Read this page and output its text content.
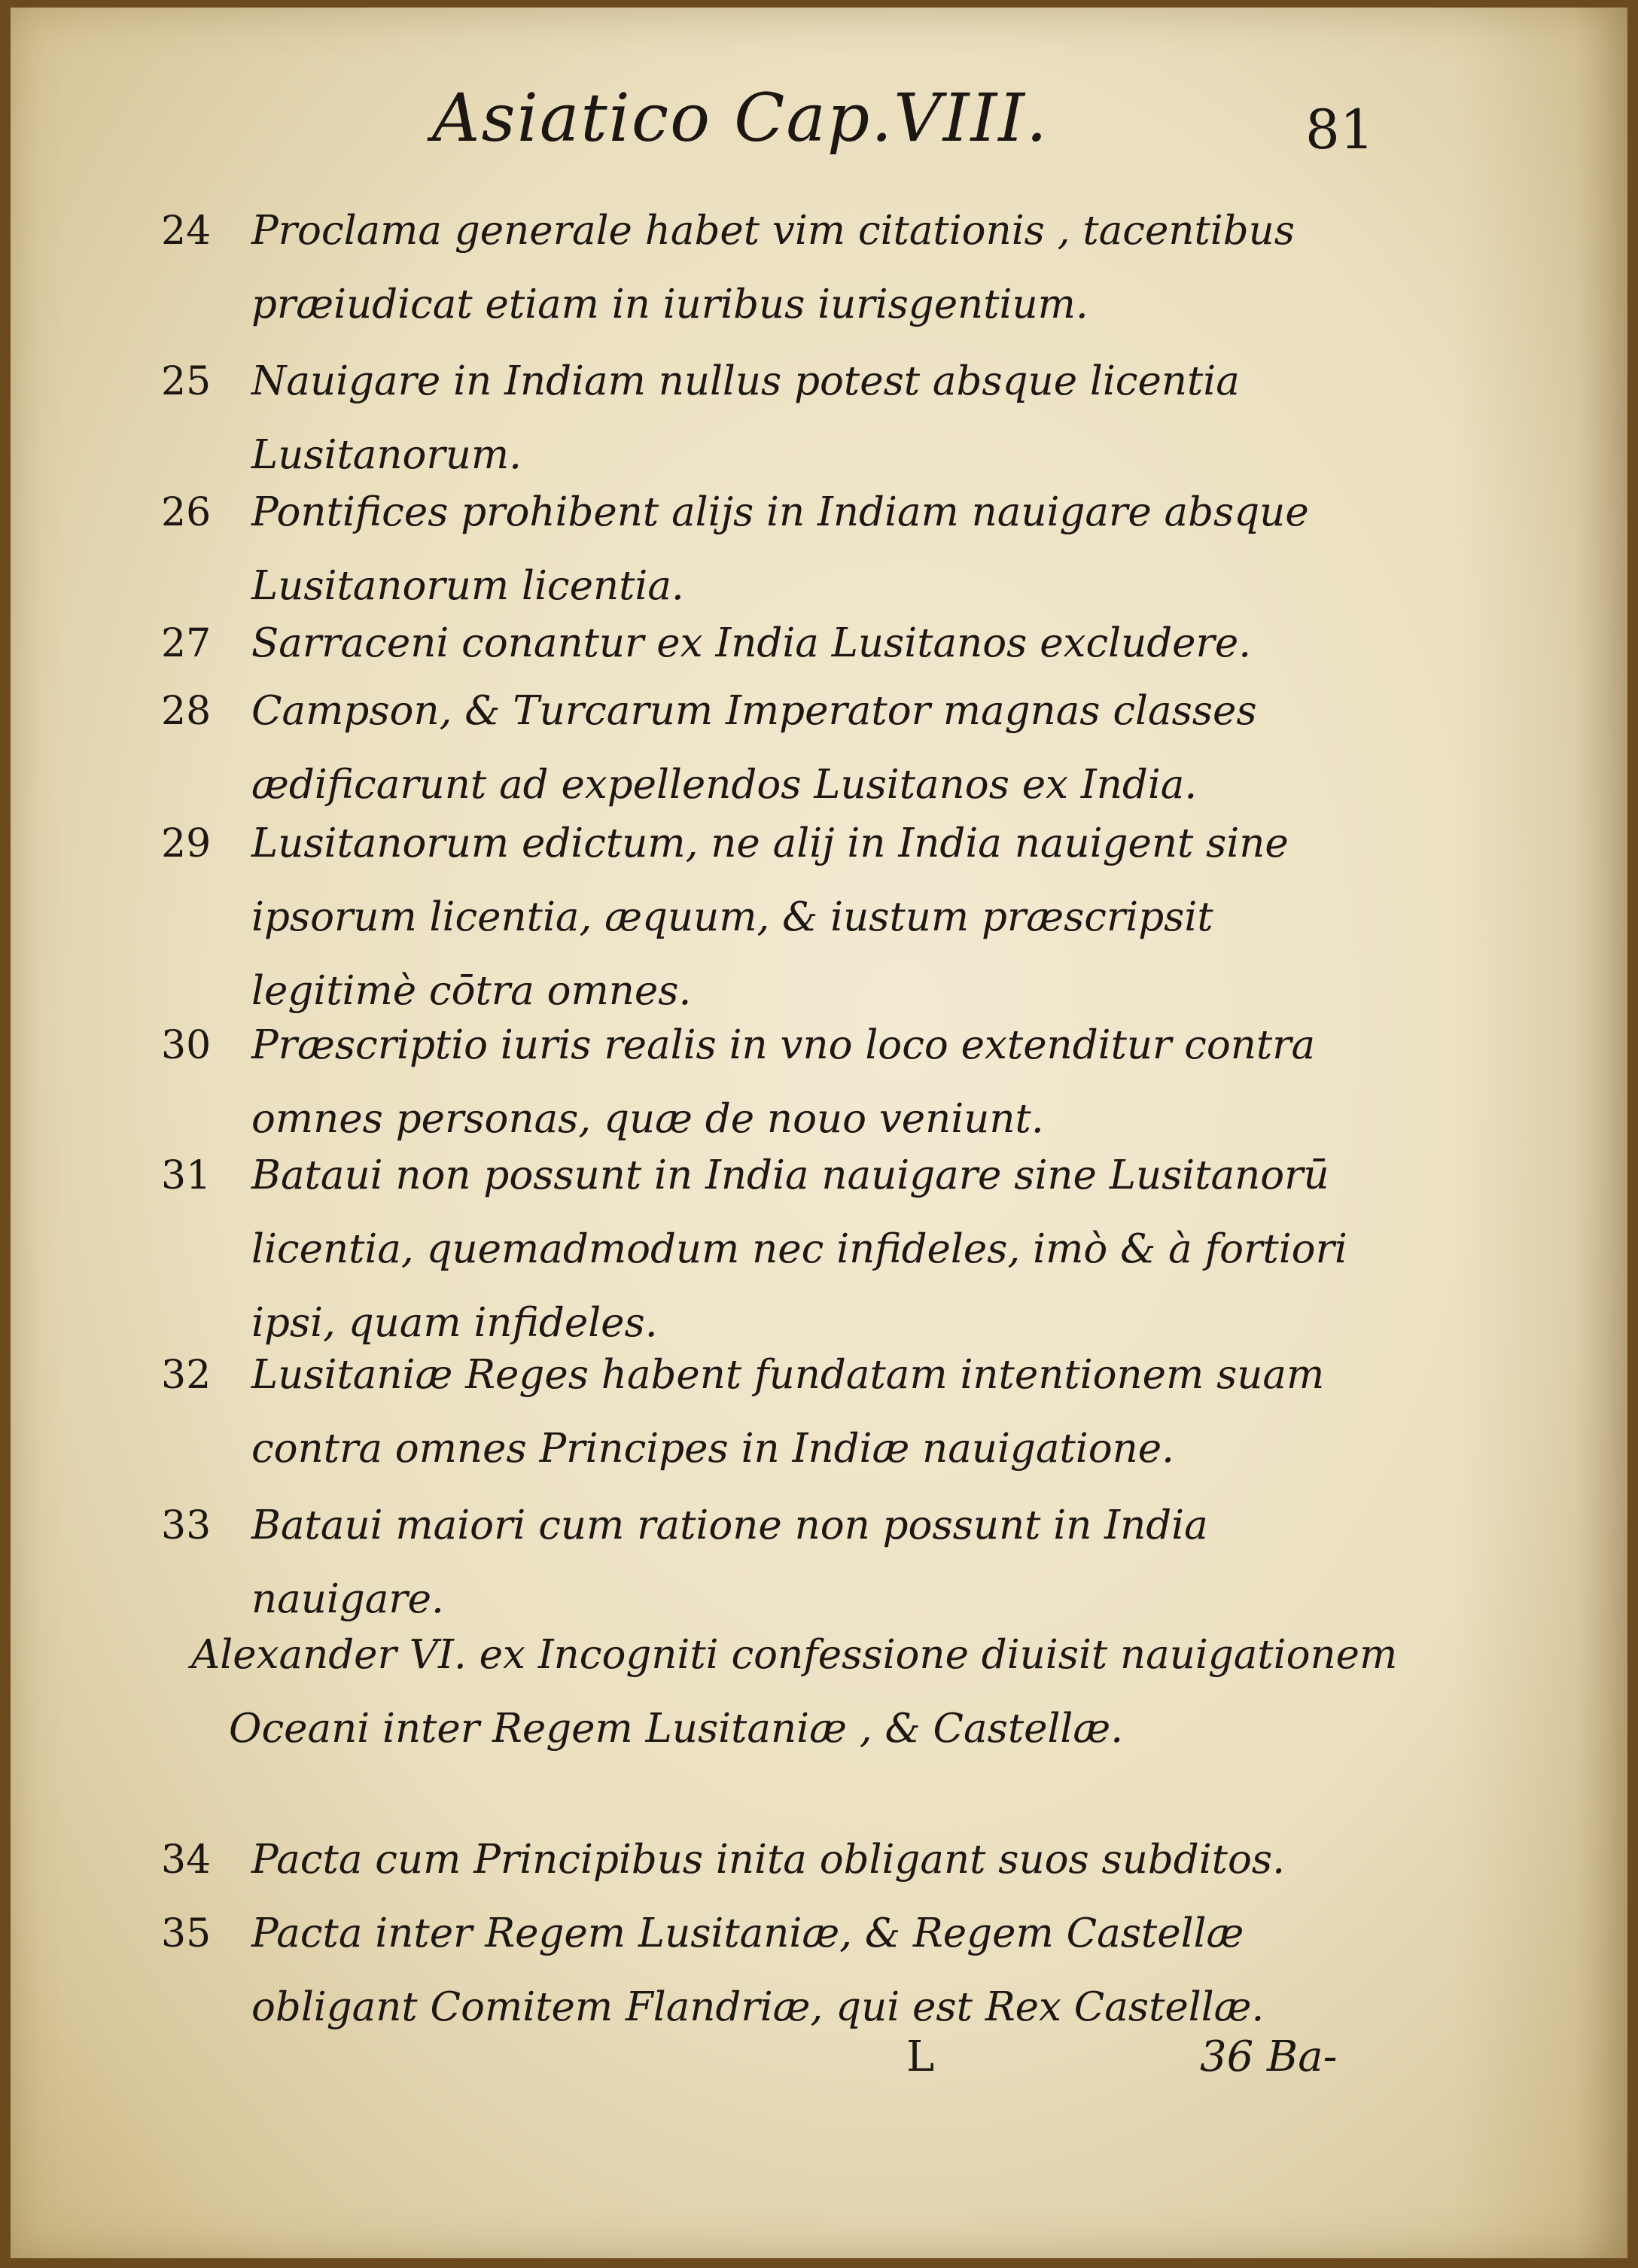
Asiatico Cap.VIII.	81
24 Proclama generale habet vim citationis , tacentibus præiudicat etiam in iuribus iurisgentium.
25 Nauigare in Indiam nullus potest absque licentia Lusitanorum.
26 Pontifices prohibent alijs in Indiam nauigare absque Lusitanorum licentia.
27 Sarraceni conantur ex India Lusitanos excludere.
28 Campson, & Turcarum Imperator magnas classes ædificarunt ad expellendos Lusitanos ex India.
29 Lusitanorum edictum, ne alij in India nauigent sine ipsorum licentia, æquum, & iustum præscripsit legitimè cōtra omnes.
30 Præscriptio iuris realis in vno loco extenditur contra omnes personas, quæ de nouo veniunt.
31 Bataui non possunt in India nauigare sine Lusitanorū licentia, quemadmodum nec infideles, imò & à fortiori ipsi, quam infideles.
32 Lusitaniæ Reges habent fundatam intentionem suam contra omnes Principes in Indiæ nauigatione.
33 Bataui maiori cum ratione non possunt in India nauigare.
Alexander VI. ex Incogniti confessione diuisit nauigationem Oceani inter Regem Lusitaniæ , & Castellæ.
34 Pacta cum Principibus inita obligant suos subditos.
35 Pacta inter Regem Lusitaniæ, & Regem Castellæ obligant Comitem Flandriæ, qui est Rex Castellæ.
L	36 Ba-
